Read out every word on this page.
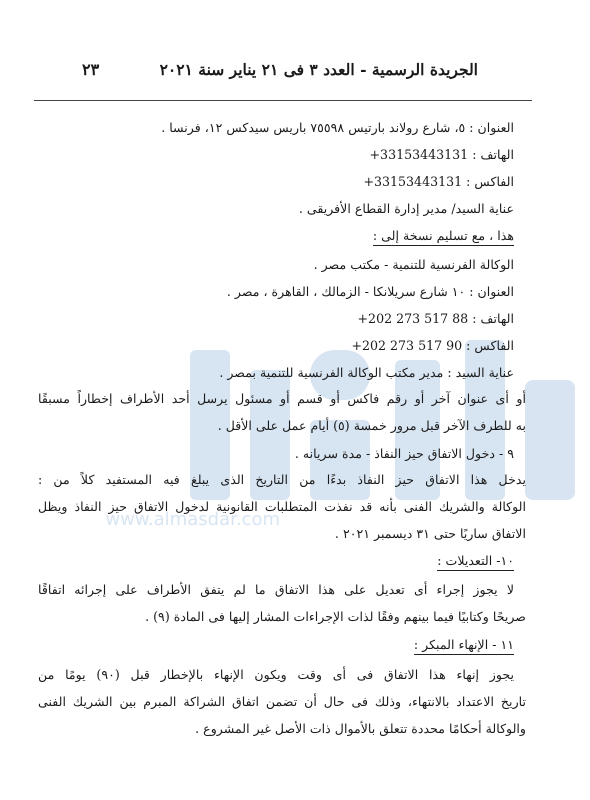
www.almasdar.com
الجريدة الرسمية - العدد ٣ فى ٢١ يناير سنة ٢٠٢١
٢٣
العنوان : ٥، شارع رولاند بارتيس ٧٥٥٩٨ باريس سيدكس ١٢، فرنسا .
الهاتف : +33153443131
الفاكس : +33153443131
عناية السيد/ مدير إدارة القطاع الأفريقى .
هذا ، مع تسليم نسخة إلى :
الوكالة الفرنسية للتنمية - مكتب مصر .
العنوان : ١٠ شارع سريلانكا - الزمالك ، القاهرة ، مصر .
الهاتف : +202 273 517 88
الفاكس : +202 273 517 90
عناية السيد : مدير مكتب الوكالة الفرنسية للتنمية بمصر .
أو أى عنوان آخر أو رقم فاكس أو قسم أو مسئول يرسل أحد الأطراف إخطاراً مسبقًا
به للطرف الآخر قبل مرور خمسة (٥) أيام عمل على الأقل .
٩ - دخول الاتفاق حيز النفاذ - مدة سريانه .
يدخل هذا الاتفاق حيز النفاذ بدءًا من التاريخ الذى يبلغ فيه المستفيد كلاً من :
الوكالة والشريك الفنى بأنه قد نفذت المتطلبات القانونية لدخول الاتفاق حيز النفاذ ويظل
الاتفاق ساريًا حتى ٣١ ديسمبر ٢٠٢١ .
١٠- التعديلات :
لا يجوز إجراء أى تعديل على هذا الاتفاق ما لم يتفق الأطراف على إجرائه اتفاقًا
صريحًا وكتابيًا فيما بينهم وفقًا لذات الإجراءات المشار إليها فى المادة (٩) .
١١ - الإنهاء المبكر :
يجوز إنهاء هذا الاتفاق فى أى وقت ويكون الإنهاء بالإخطار قبل (٩٠) يومًا من
تاريخ الاعتداد بالانتهاء، وذلك فى حال أن تضمن اتفاق الشراكة المبرم بين الشريك الفنى
والوكالة أحكامًا محددة تتعلق بالأموال ذات الأصل غير المشروع .
